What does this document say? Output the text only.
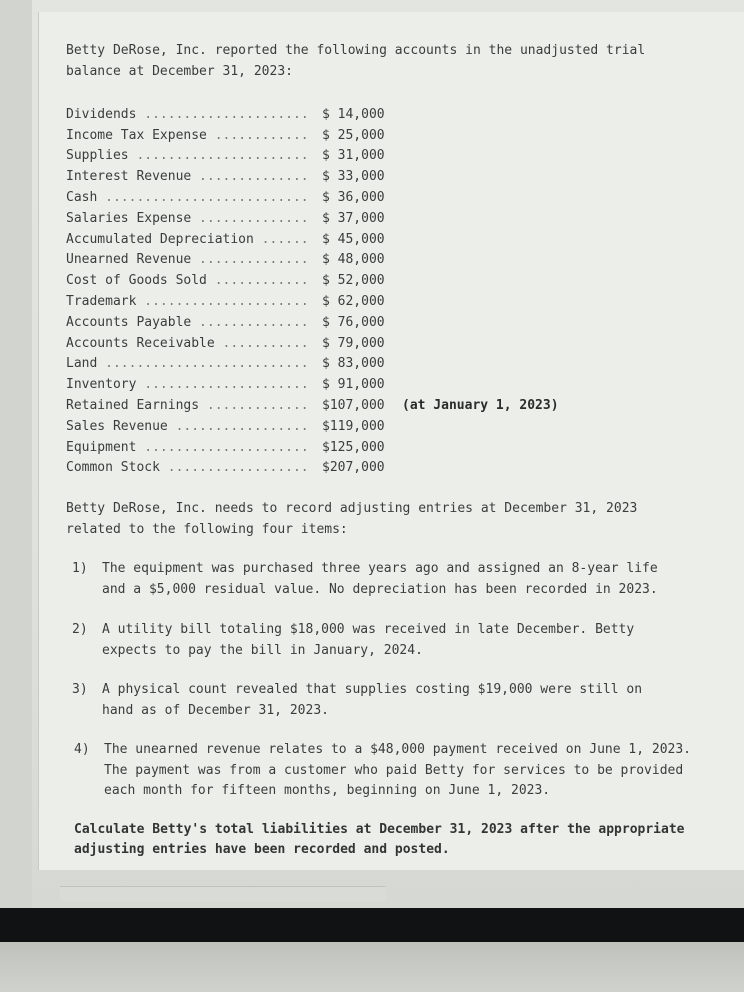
Betty DeRose, Inc. reported the following accounts in the unadjusted trial
balance at December 31, 2023:
Dividends .....................	$ 14,000
Income Tax Expense ............	$ 25,000
Supplies ......................	$ 31,000
Interest Revenue ..............	$ 33,000
Cash ..........................	$ 36,000
Salaries Expense ..............	$ 37,000
Accumulated Depreciation ......	$ 45,000
Unearned Revenue ..............	$ 48,000
Cost of Goods Sold ............	$ 52,000
Trademark .....................	$ 62,000
Accounts Payable ..............	$ 76,000
Accounts Receivable ...........	$ 79,000
Land ..........................	$ 83,000
Inventory .....................	$ 91,000
Retained Earnings .............	$107,000	(at January 1, 2023)
Sales Revenue .................	$119,000
Equipment .....................	$125,000
Common Stock ..................	$207,000
Betty DeRose, Inc. needs to record adjusting entries at December 31, 2023
related to the following four items:
1)	The equipment was purchased three years ago and assigned an 8-year life
and a $5,000 residual value. No depreciation has been recorded in 2023.
2)	A utility bill totaling $18,000 was received in late December. Betty
expects to pay the bill in January, 2024.
3)	A physical count revealed that supplies costing $19,000 were still on
hand as of December 31, 2023.
4)	The unearned revenue relates to a $48,000 payment received on June 1, 2023.
The payment was from a customer who paid Betty for services to be provided
each month for fifteen months, beginning on June 1, 2023.
Calculate Betty's total liabilities at December 31, 2023 after the appropriate
adjusting entries have been recorded and posted.
